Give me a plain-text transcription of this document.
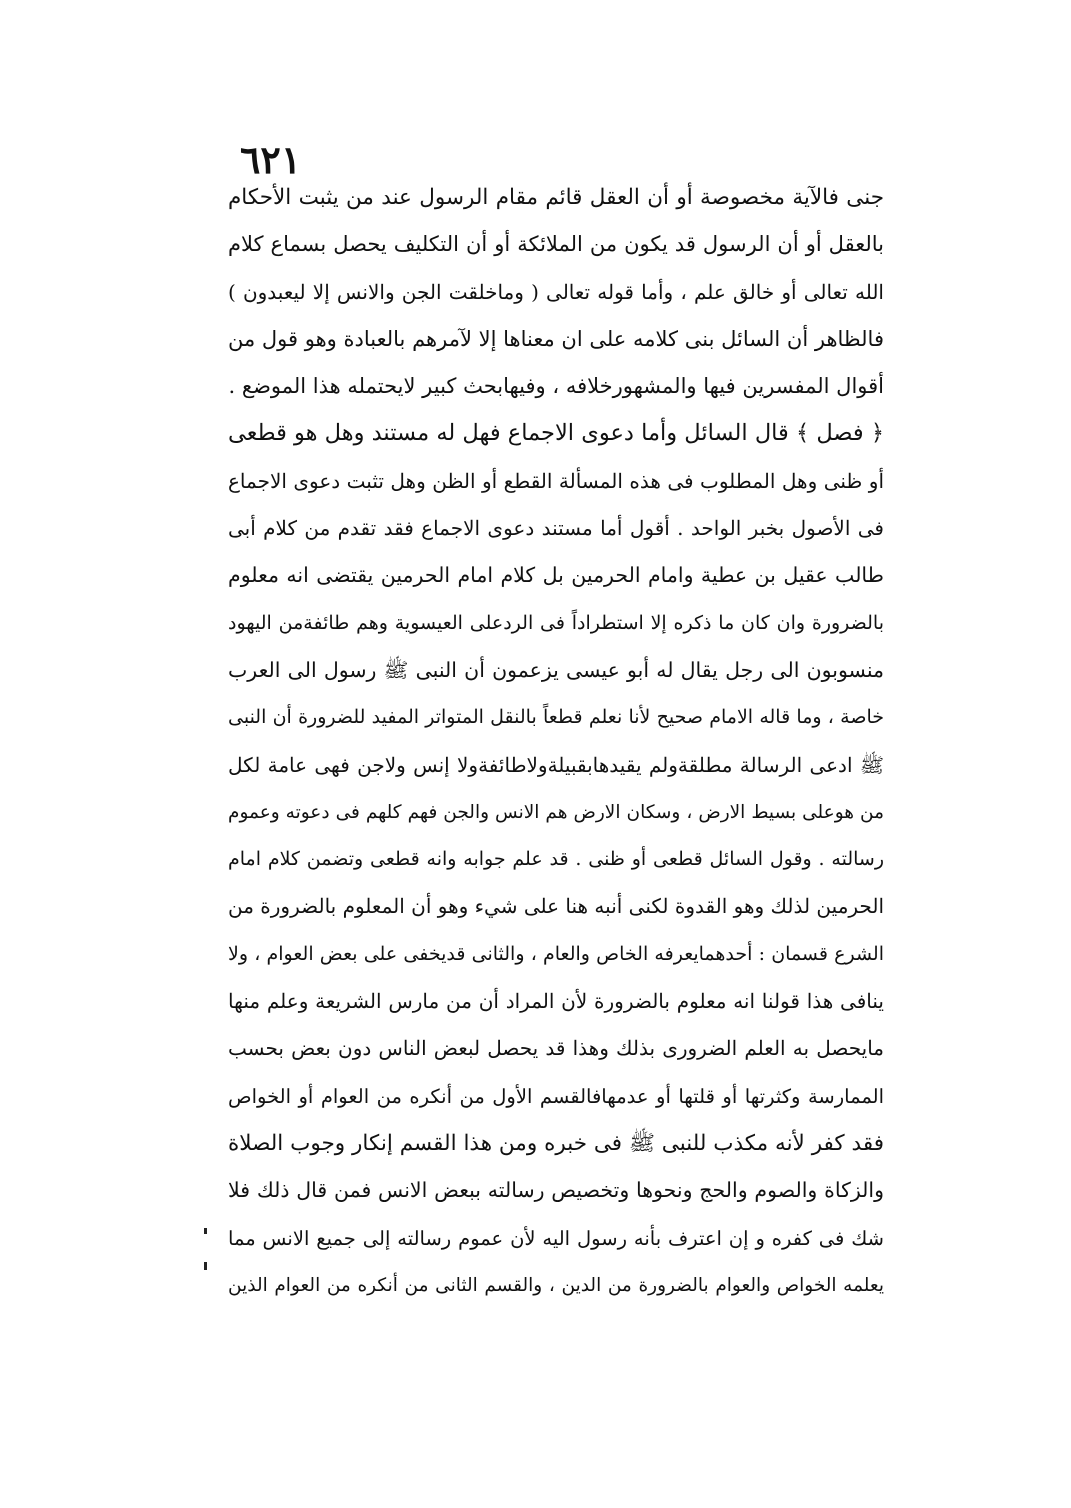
٦٢١
جنى فالآية مخصوصة أو أن العقل قائم مقام الرسول عند من يثبت الأحكام
بالعقل أو أن الرسول قد يكون من الملائكة أو أن التكليف يحصل بسماع كلام
الله تعالى أو خالق علم ، وأما قوله تعالى ( وماخلقت الجن والانس إلا ليعبدون )
فالظاهر أن السائل بنى كلامه على ان معناها إلا لآمرهم بالعبادة وهو قول من
أقوال المفسرين فيها والمشهورخلافه ، وفيهابحث كبير لايحتمله هذا الموضع .
﴿ فصل ﴾ قال السائل وأما دعوى الاجماع فهل له مستند وهل هو قطعى
أو ظنى وهل المطلوب فى هذه المسألة القطع أو الظن وهل تثبت دعوى الاجماع
فى الأصول بخبر الواحد . أقول أما مستند دعوى الاجماع فقد تقدم من كلام أبى
طالب عقيل بن عطية وامام الحرمين بل كلام امام الحرمين يقتضى انه معلوم
بالضرورة وان كان ما ذكره إلا استطراداً فى الردعلى العيسوية وهم طائفةمن اليهود
منسوبون الى رجل يقال له أبو عيسى يزعمون أن النبى ﷺ رسول الى العرب
خاصة ، وما قاله الامام صحيح لأنا نعلم قطعاً بالنقل المتواتر المفيد للضرورة أن النبى
ﷺ ادعى الرسالة مطلقةولم يقيدهابقبيلةولاطائفةولا إنس ولاجن فهى عامة لكل
من هوعلى بسيط الارض ، وسكان الارض هم الانس والجن فهم كلهم فى دعوته وعموم
رسالته . وقول السائل قطعى أو ظنى . قد علم جوابه وانه قطعى وتضمن كلام امام
الحرمين لذلك وهو القدوة لكنى أنبه هنا على شيء وهو أن المعلوم بالضرورة من
الشرع قسمان : أحدهمايعرفه الخاص والعام ، والثانى قديخفى على بعض العوام ، ولا
ينافى هذا قولنا انه معلوم بالضرورة لأن المراد أن من مارس الشريعة وعلم منها
مايحصل به العلم الضرورى بذلك وهذا قد يحصل لبعض الناس دون بعض بحسب
الممارسة وكثرتها أو قلتها أو عدمهافالقسم الأول من أنكره من العوام أو الخواص
فقد كفر لأنه مكذب للنبى ﷺ فى خبره ومن هذا القسم إنكار وجوب الصلاة
والزكاة والصوم والحج ونحوها وتخصيص رسالته ببعض الانس فمن قال ذلك فلا
شك فى كفره و إن اعترف بأنه رسول اليه لأن عموم رسالته إلى جميع الانس مما
يعلمه الخواص والعوام بالضرورة من الدين ، والقسم الثانى من أنكره من العوام الذين
